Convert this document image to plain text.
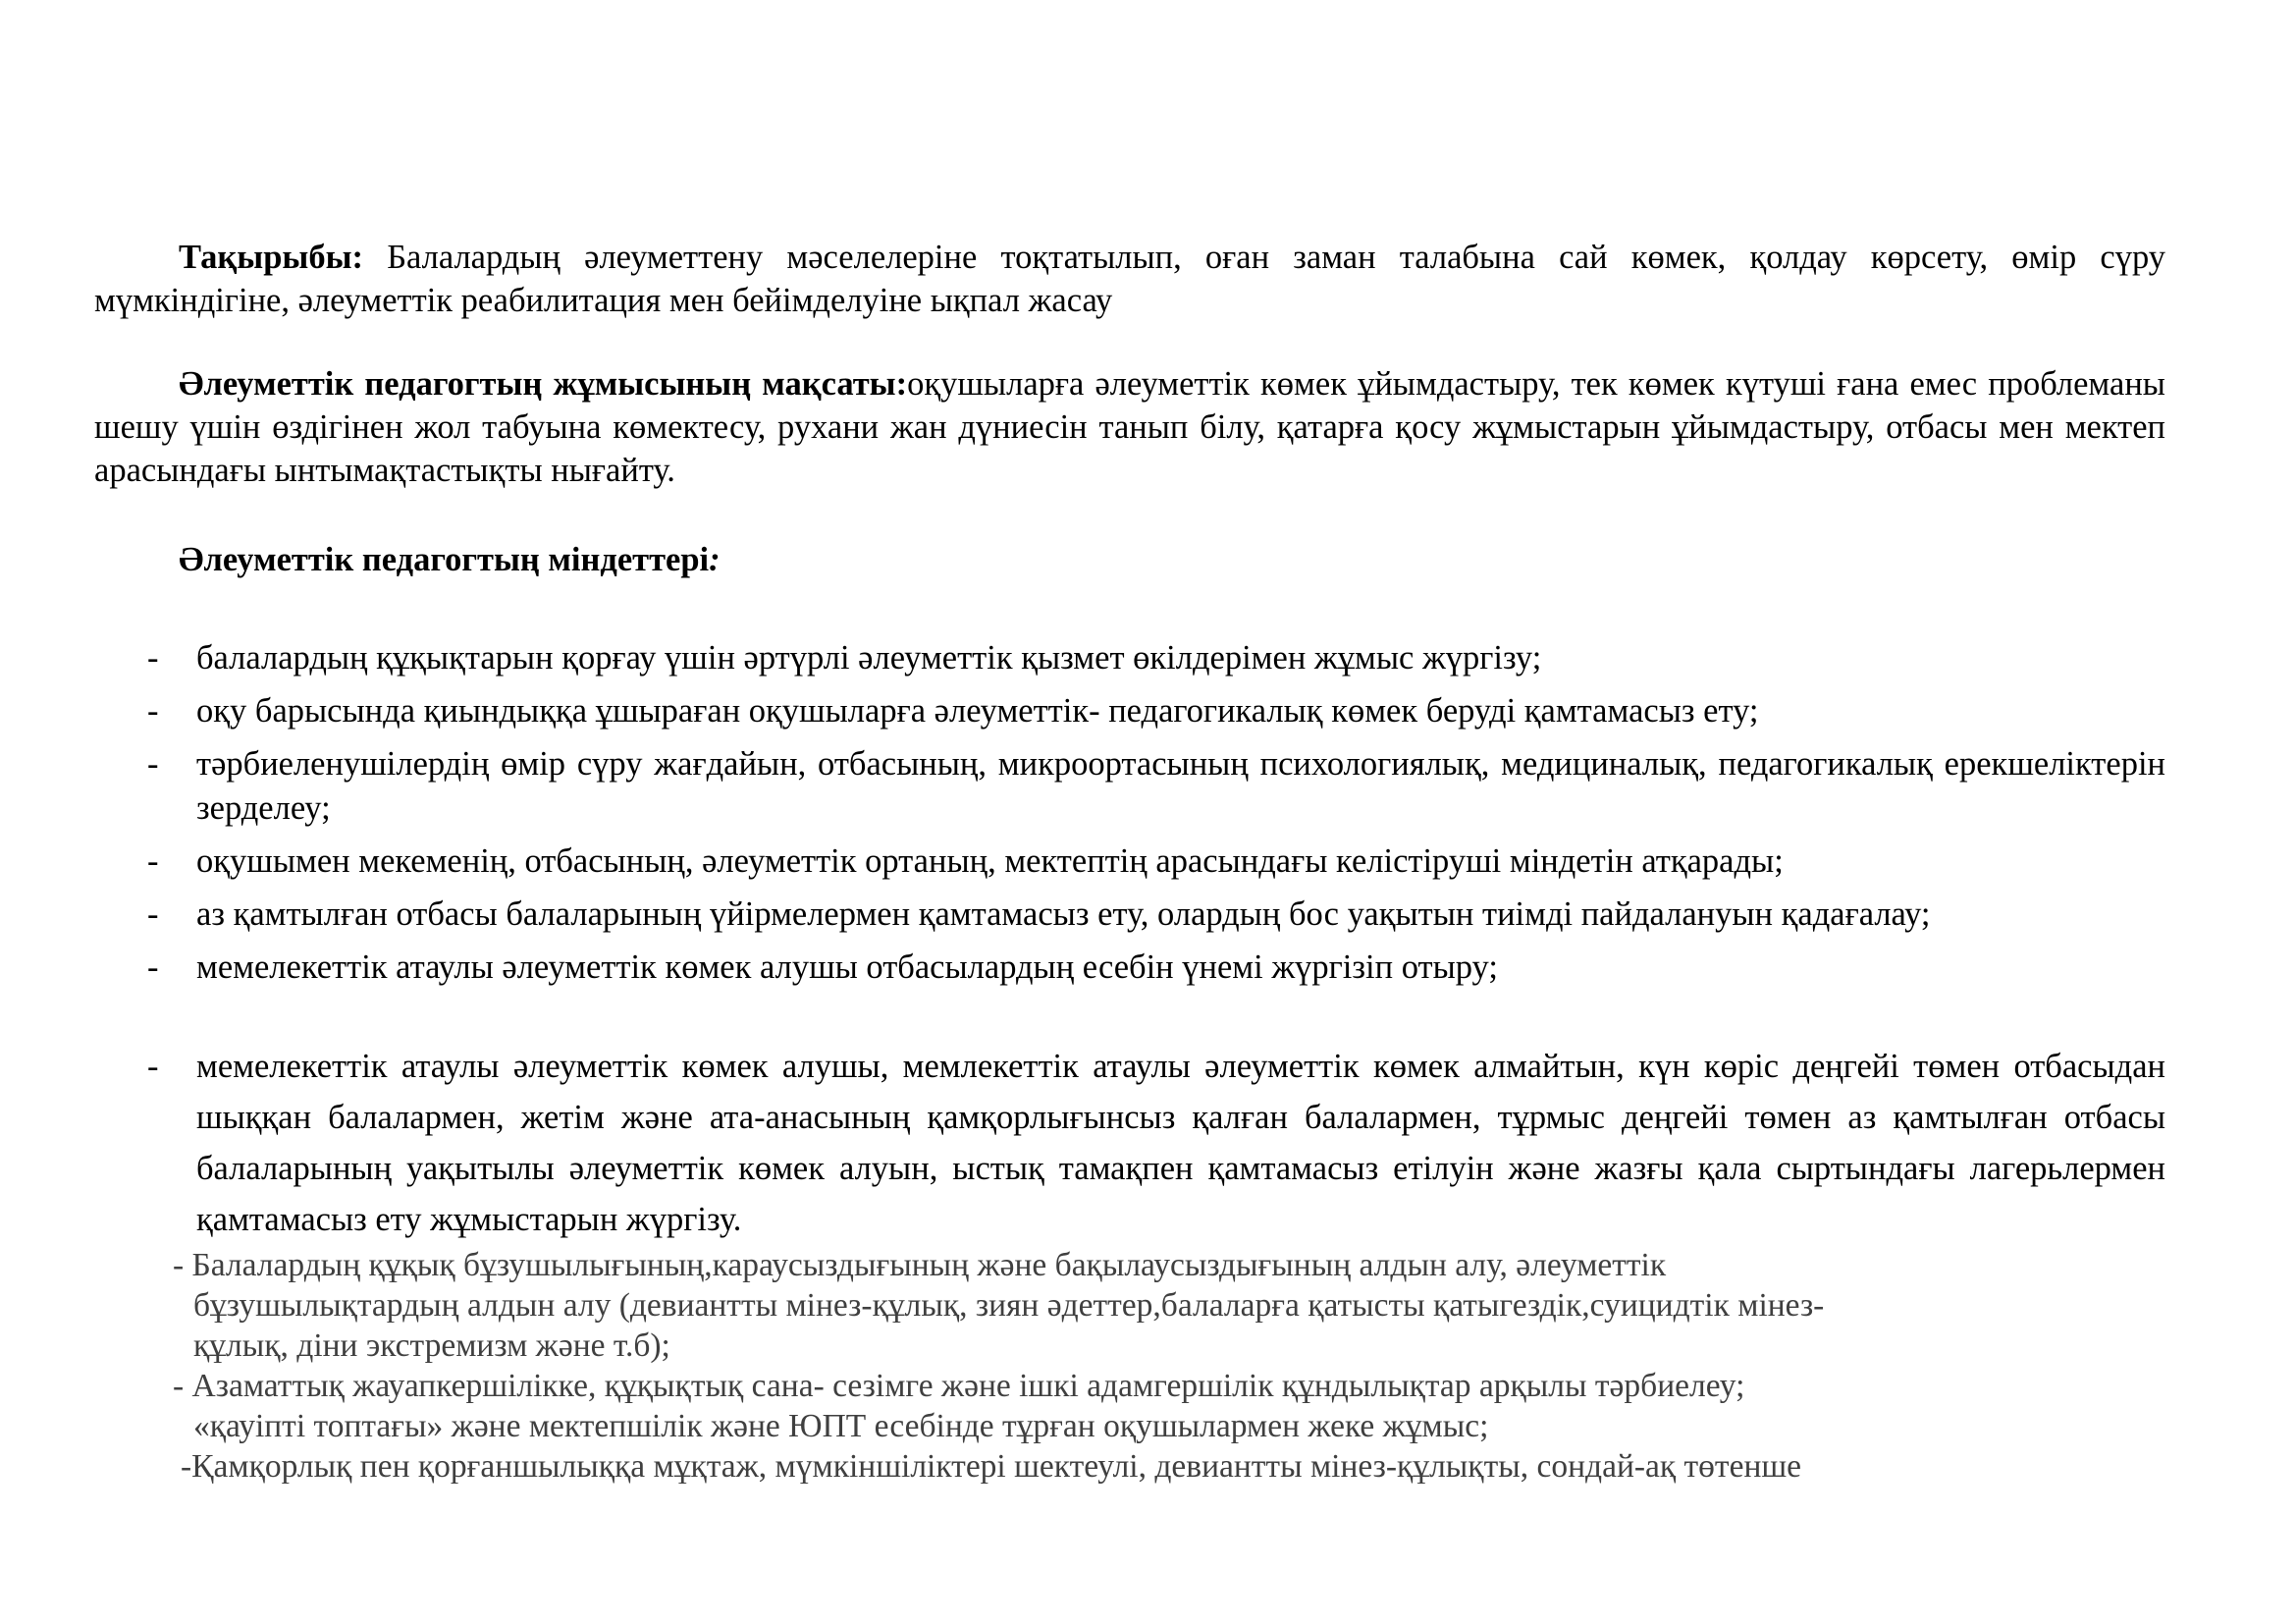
Тақырыбы: Балалардың әлеуметтену мәселелеріне тоқтатылып, оған заман талабына сай көмек, қолдау көрсету, өмір сүру мүмкіндігіне, әлеуметтік реабилитация мен бейімделуіне ықпал жасау
Әлеуметтік педагогтың жұмысының мақсаты:оқушыларға әлеуметтік көмек ұйымдастыру, тек көмек күтуші ғана емес проблеманы шешу үшін өздігінен жол табуына көмектесу, рухани жан дүниесін танып білу, қатарға қосу жұмыстарын ұйымдастыру, отбасы мен мектеп арасындағы ынтымақтастықты нығайту.
Әлеуметтік педагогтың міндеттері:
- балалардың құқықтарын қорғау үшін әртүрлі әлеуметтік қызмет өкілдерімен жұмыс жүргізу;
- оқу барысында қиындыққа ұшыраған оқушыларға әлеуметтік- педагогикалық көмек беруді қамтамасыз ету;
- тәрбиеленушілердің өмір сүру жағдайын, отбасының, микроортасының психологиялық, медициналық, педагогикалық ерекшеліктерін зерделеу;
- оқушымен мекеменің, отбасының, әлеуметтік ортаның, мектептің арасындағы келістіруші міндетін атқарады;
- аз қамтылған отбасы балаларының үйірмелермен қамтамасыз ету, олардың бос уақытын тиімді пайдалануын қадағалау;
- мемелекеттік атаулы әлеуметтік көмек алушы отбасылардың есебін үнемі жүргізіп отыру;
- мемелекеттік атаулы әлеуметтік көмек алушы, мемлекеттік атаулы әлеуметтік көмек алмайтын, күн көріс деңгейі төмен отбасыдан шыққан балалармен, жетім және ата-анасының қамқорлығынсыз қалған балалармен, тұрмыс деңгейі төмен аз қамтылған отбасы балаларының уақытылы әлеуметтік көмек алуын, ыстық тамақпен қамтамасыз етілуін және жазғы қала сыртындағы лагерьлермен қамтамасыз ету жұмыстарын жүргізу.
- Балалардың құқық бұзушылығының,караусыздығының және бақылаусыздығының алдын алу, әлеуметтік
бұзушылықтардың алдын алу (девиантты мінез-құлық, зиян әдеттер,балаларға қатысты қатыгездік,суицидтік мінез-
құлық, діни экстремизм және т.б);
- Азаматтық жауапкершілікке, құқықтық сана- сезімге және ішкі адамгершілік құндылықтар арқылы тәрбиелеу;
«қауіпті топтағы» және мектепшілік және ЮПТ есебінде тұрған оқушылармен жеке жұмыс;
-Қамқорлық пен қорғаншылыққа мұқтаж, мүмкіншіліктері шектеулі, девиантты мінез-құлықты, сондай-ақ төтенше
